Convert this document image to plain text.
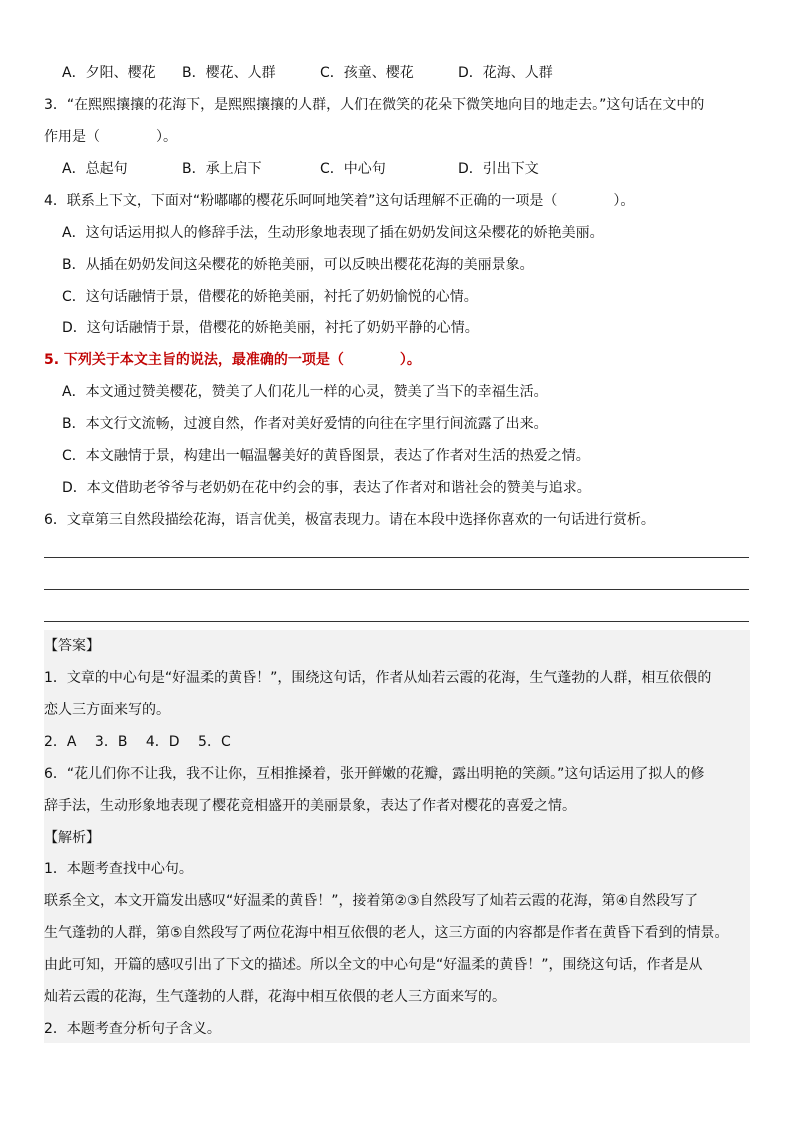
A．夕阳、樱花 B．樱花、人群	C．孩童、樱花	D．花海、人群
3．“在熙熙攘攘的花海下，是熙熙攘攘的人群，人们在微笑的花朵下微笑地向目的地走去。”这句话在文中的
作用是（　　　　）。
A．总起句	B．承上启下	C．中心句	D．引出下文
4．联系上下文，下面对“粉嘟嘟的樱花乐呵呵地笑着”这句话理解不正确的一项是（　　　　）。
A．这句话运用拟人的修辞手法，生动形象地表现了插在奶奶发间这朵樱花的娇艳美丽。
B．从插在奶奶发间这朵樱花的娇艳美丽，可以反映出樱花花海的美丽景象。
C．这句话融情于景，借樱花的娇艳美丽，衬托了奶奶愉悦的心情。
D．这句话融情于景，借樱花的娇艳美丽，衬托了奶奶平静的心情。
5. 下列关于本文主旨的说法，最准确的一项是（　　　　）。
A．本文通过赞美樱花，赞美了人们花儿一样的心灵，赞美了当下的幸福生活。
B．本文行文流畅，过渡自然，作者对美好爱情的向往在字里行间流露了出来。
C．本文融情于景，构建出一幅温馨美好的黄昏图景，表达了作者对生活的热爱之情。
D．本文借助老爷爷与老奶奶在花中约会的事，表达了作者对和谐社会的赞美与追求。
6．文章第三自然段描绘花海，语言优美，极富表现力。请在本段中选择你喜欢的一句话进行赏析。
【答案】
1．文章的中心句是“好温柔的黄昏！”，围绕这句话，作者从灿若云霞的花海，生气蓬勃的人群，相互依偎的
恋人三方面来写的。
2．A　 3．B　 4．D　 5．C
6．“花儿们你不让我，我不让你，互相推搡着，张开鲜嫩的花瓣，露出明艳的笑颜。”这句话运用了拟人的修
辞手法，生动形象地表现了樱花竞相盛开的美丽景象，表达了作者对樱花的喜爱之情。
【解析】
1．本题考查找中心句。
联系全文，本文开篇发出感叹“好温柔的黄昏！”，接着第②③自然段写了灿若云霞的花海，第④自然段写了
生气蓬勃的人群，第⑤自然段写了两位花海中相互依偎的老人，这三方面的内容都是作者在黄昏下看到的情景。
由此可知，开篇的感叹引出了下文的描述。所以全文的中心句是“好温柔的黄昏！”，围绕这句话，作者是从
灿若云霞的花海，生气蓬勃的人群，花海中相互依偎的老人三方面来写的。
2．本题考查分析句子含义。
